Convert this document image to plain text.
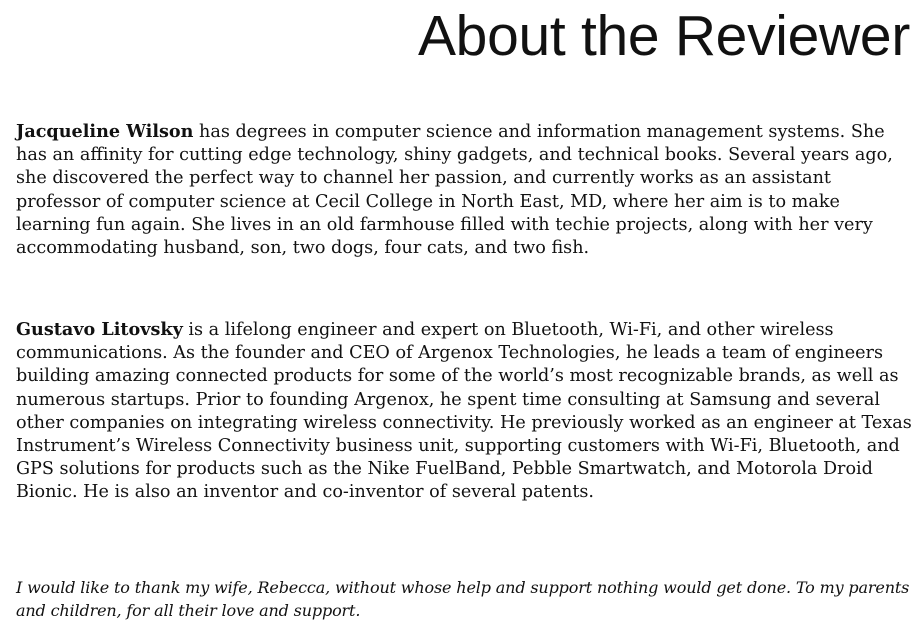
About the Reviewer

Jacqueline Wilson has degrees in computer science and information management systems. She has an affinity for cutting edge technology, shiny gadgets, and technical books. Several years ago, she discovered the perfect way to channel her passion, and currently works as an assistant professor of computer science at Cecil College in North East, MD, where her aim is to make learning fun again. She lives in an old farmhouse filled with techie projects, along with her very accommodating husband, son, two dogs, four cats, and two fish.

Gustavo Litovsky is a lifelong engineer and expert on Bluetooth, Wi-Fi, and other wireless communications. As the founder and CEO of Argenox Technologies, he leads a team of engineers building amazing connected products for some of the world’s most recognizable brands, as well as numerous startups. Prior to founding Argenox, he spent time consulting at Samsung and several other companies on integrating wireless connectivity. He previously worked as an engineer at Texas Instrument’s Wireless Connectivity business unit, supporting customers with Wi-Fi, Bluetooth, and GPS solutions for products such as the Nike FuelBand, Pebble Smartwatch, and Motorola Droid Bionic. He is also an inventor and co-inventor of several patents.

I would like to thank my wife, Rebecca, without whose help and support nothing would get done. To my parents and children, for all their love and support.
